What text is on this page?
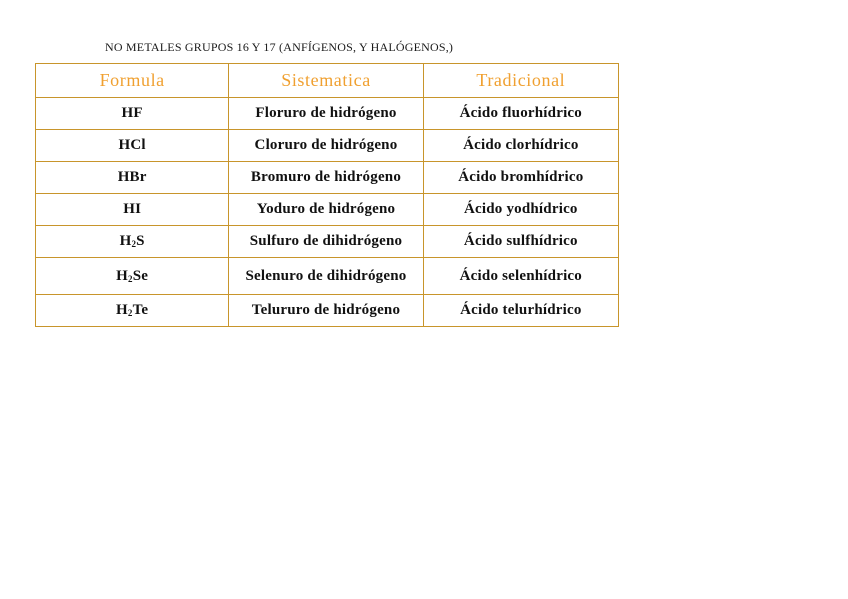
NO METALES GRUPOS 16 Y 17 (ANFÍGENOS, Y HALÓGENOS,)
Formula	Sistematica	Tradicional
HF	Floruro de hidrógeno	Ácido fluorhídrico
HCl	Cloruro de hidrógeno	Ácido clorhídrico
HBr	Bromuro de hidrógeno	Ácido bromhídrico
HI	Yoduro de hidrógeno	Ácido yodhídrico
$H_2S$	Sulfuro de dihidrógeno	Ácido sulfhídrico
$H_2Se$	Selenuro de dihidrógeno	Ácido selenhídrico
$H_2Te$	Telururo de hidrógeno	Ácido telurhídrico
